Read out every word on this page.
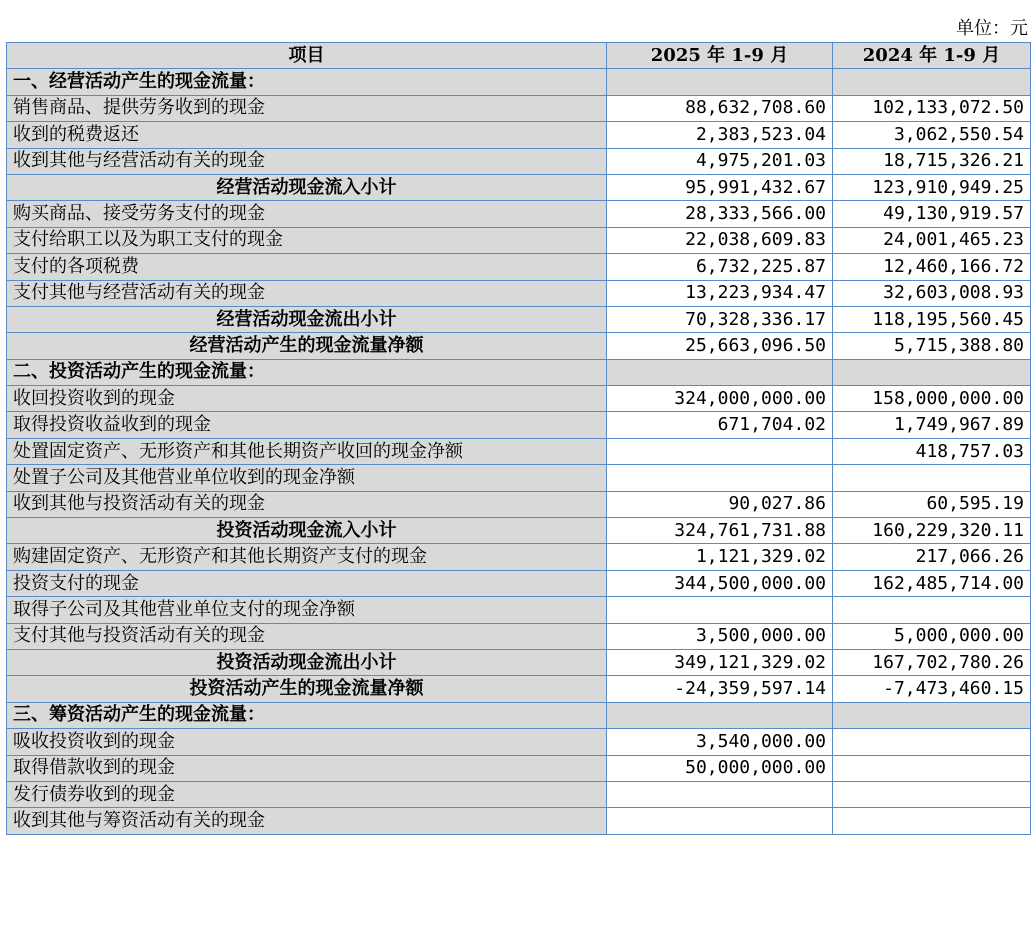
单位：元
项目	2025 年 1-9 月	2024 年 1-9 月
一、经营活动产生的现金流量：		
销售商品、提供劳务收到的现金	88,632,708.60	102,133,072.50
收到的税费返还	2,383,523.04	3,062,550.54
收到其他与经营活动有关的现金	4,975,201.03	18,715,326.21
经营活动现金流入小计	95,991,432.67	123,910,949.25
购买商品、接受劳务支付的现金	28,333,566.00	49,130,919.57
支付给职工以及为职工支付的现金	22,038,609.83	24,001,465.23
支付的各项税费	6,732,225.87	12,460,166.72
支付其他与经营活动有关的现金	13,223,934.47	32,603,008.93
经营活动现金流出小计	70,328,336.17	118,195,560.45
经营活动产生的现金流量净额	25,663,096.50	5,715,388.80
二、投资活动产生的现金流量：		
收回投资收到的现金	324,000,000.00	158,000,000.00
取得投资收益收到的现金	671,704.02	1,749,967.89
处置固定资产、无形资产和其他长期资产收回的现金净额		418,757.03
处置子公司及其他营业单位收到的现金净额		
收到其他与投资活动有关的现金	90,027.86	60,595.19
投资活动现金流入小计	324,761,731.88	160,229,320.11
购建固定资产、无形资产和其他长期资产支付的现金	1,121,329.02	217,066.26
投资支付的现金	344,500,000.00	162,485,714.00
取得子公司及其他营业单位支付的现金净额		
支付其他与投资活动有关的现金	3,500,000.00	5,000,000.00
投资活动现金流出小计	349,121,329.02	167,702,780.26
投资活动产生的现金流量净额	-24,359,597.14	-7,473,460.15
三、筹资活动产生的现金流量：		
吸收投资收到的现金	3,540,000.00	
取得借款收到的现金	50,000,000.00	
发行债券收到的现金		
收到其他与筹资活动有关的现金		
